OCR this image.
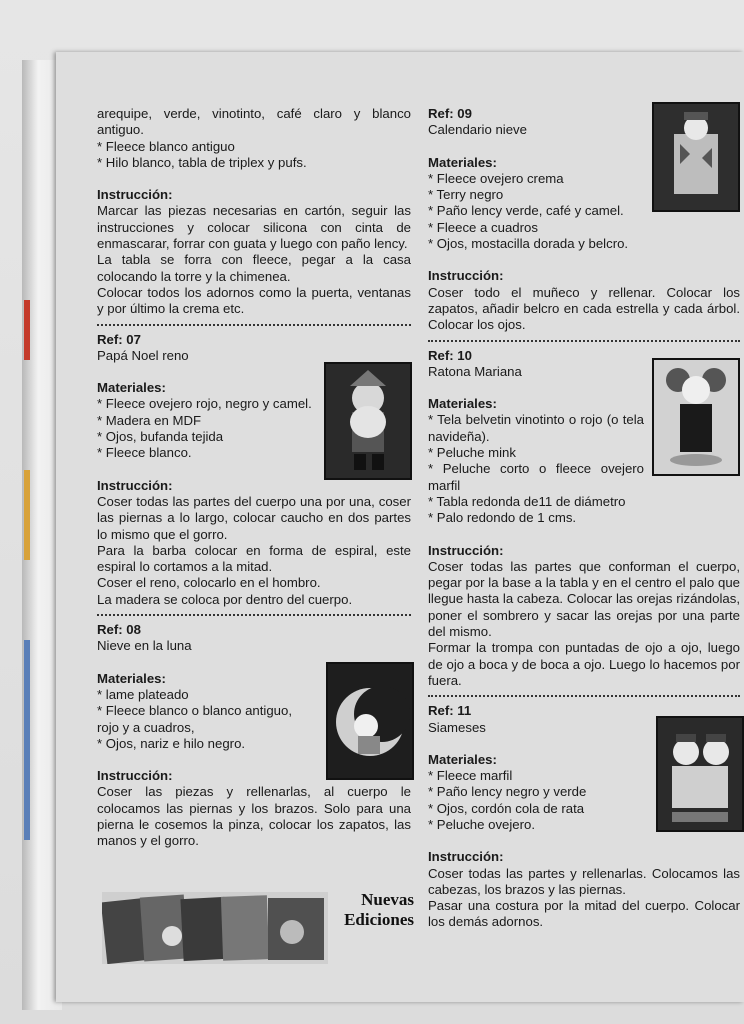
arequipe, verde, vinotinto, café claro y blanco antiguo.

* Fleece blanco antiguo

* Hilo blanco, tabla de triplex y pufs.

Instrucción:

Marcar las piezas necesarias en cartón, seguir las instrucciones y colocar silicona con cinta de enmascarar, forrar con guata y luego con paño lency.

La tabla se forra con fleece, pegar a la casa colocando la torre y la chimenea.

Colocar todos los adornos como la puerta, ventanas y por último la crema etc.

Ref: 07

Papá Noel reno

Materiales:

* Fleece ovejero rojo, negro y camel.

* Madera en MDF

* Ojos, bufanda tejida

* Fleece blanco.

Instrucción:

Coser todas las partes del cuerpo una por una, coser las piernas a lo largo, colocar caucho en dos partes lo mismo que el gorro.

Para la barba colocar en forma de espiral, este espiral lo cortamos a la mitad.

Coser el reno, colocarlo en el hombro.

La madera se coloca por dentro del cuerpo.

Ref: 08

Nieve en la luna

Materiales:

* lame plateado

* Fleece blanco o blanco antiguo, rojo y a cuadros,

* Ojos, nariz e hilo negro.

Instrucción:

Coser las piezas y rellenarlas, al cuerpo le colocamos las piernas y los brazos. Solo para una pierna le cosemos la pinza, colocar los zapatos, las manos y el gorro.

Nuevas
Ediciones

Ref: 09

Calendario nieve

Materiales:

* Fleece ovejero crema

* Terry negro

* Paño lency verde, café y camel.

* Fleece a cuadros

* Ojos, mostacilla dorada y belcro.

Instrucción:

Coser todo el muñeco y rellenar. Colocar los zapatos, añadir belcro en cada estrella y cada árbol. Colocar los ojos.

Ref: 10

Ratona Mariana

Materiales:

* Tela belvetin vinotinto o rojo (o tela navideña).

* Peluche mink

* Peluche corto o fleece ovejero marfil

* Tabla redonda de11 de diámetro

* Palo redondo de 1 cms.

Instrucción:

Coser todas las partes que conforman el cuerpo, pegar por la base a la tabla y en el centro el palo que llegue hasta la cabeza. Colocar las orejas rizándolas, poner el sombrero y sacar las orejas por una parte del mismo.

Formar la trompa con puntadas de ojo a ojo, luego de ojo a boca y de boca a ojo. Luego lo hacemos por fuera.

Ref: 11

Siameses

Materiales:

* Fleece marfil

* Paño lency negro y verde

* Ojos, cordón cola de rata

* Peluche ovejero.

Instrucción:

Coser todas las partes y rellenarlas. Colocamos las cabezas, los brazos y las piernas.

Pasar una costura por la mitad del cuerpo. Colocar los demás adornos.
